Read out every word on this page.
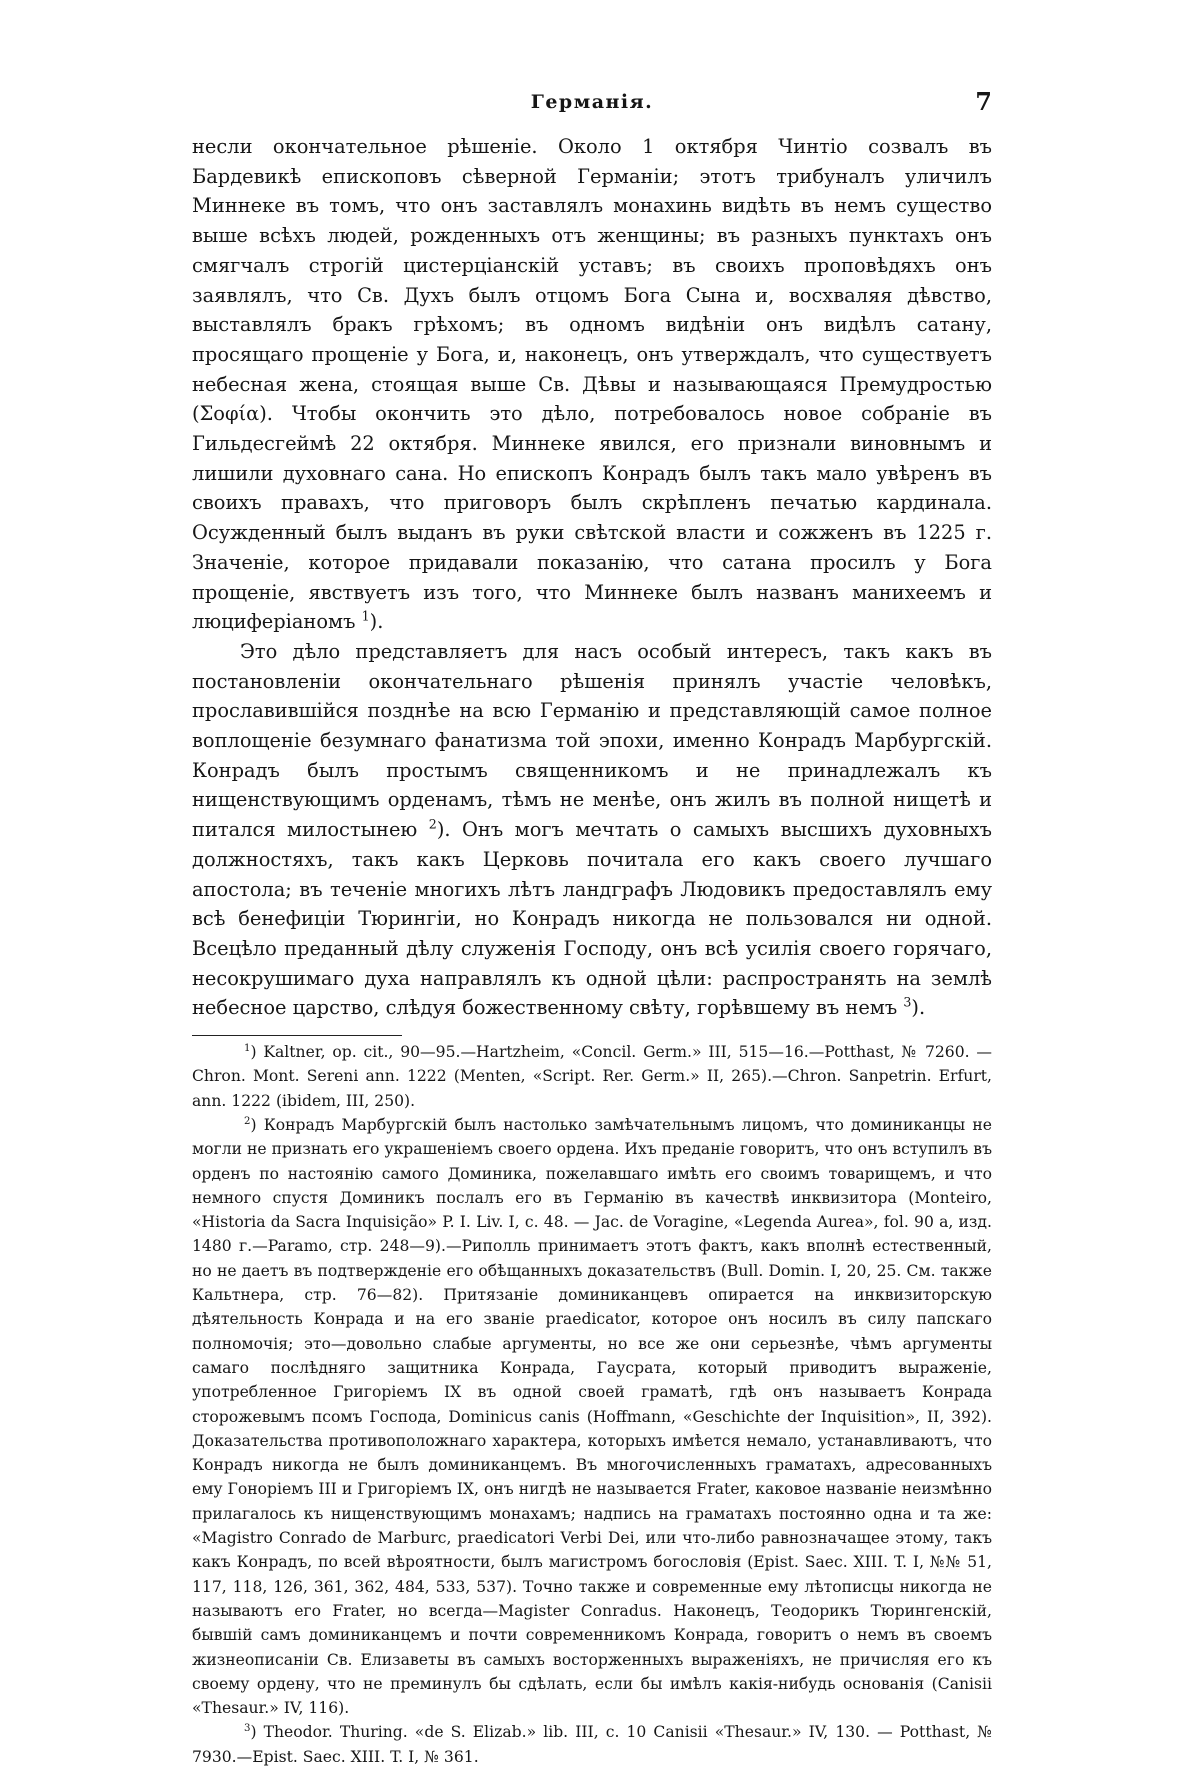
Германія.	7

несли окончательное рѣшеніе. Около 1 октября Чинтіо созвалъ въ Бардевикѣ епископовъ сѣверной Германіи; этотъ трибуналъ уличилъ Миннеке въ томъ, что онъ заставлялъ монахинь видѣть въ немъ существо выше всѣхъ людей, рожденныхъ отъ женщины; въ разныхъ пунктахъ онъ смягчалъ строгій цистерціанскій уставъ; въ своихъ проповѣдяхъ онъ заявлялъ, что Св. Духъ былъ отцомъ Бога Сына и, восхваляя дѣвство, выставлялъ бракъ грѣхомъ; въ одномъ видѣніи онъ видѣлъ сатану, просящаго прощеніе у Бога, и, наконецъ, онъ утверждалъ, что существуетъ небесная жена, стоящая выше Св. Дѣвы и называющаяся Премудростью (Σοφία). Чтобы окончить это дѣло, потребовалось новое собраніе въ Гильдесгеймѣ 22 октября. Миннеке явился, его признали виновнымъ и лишили духовнаго сана. Но епископъ Конрадъ былъ такъ мало увѣренъ въ своихъ правахъ, что приговоръ былъ скрѣпленъ печатью кардинала. Осужденный былъ выданъ въ руки свѣтской власти и сожженъ въ 1225 г. Значеніе, которое придавали показанію, что сатана просилъ у Бога прощеніе, явствуетъ изъ того, что Миннеке былъ названъ манихеемъ и люциферіаномъ $^1$).

Это дѣло представляетъ для насъ особый интересъ, такъ какъ въ постановленіи окончательнаго рѣшенія принялъ участіе человѣкъ, прославившійся позднѣе на всю Германію и представляющій самое полное воплощеніе безумнаго фанатизма той эпохи, именно Конрадъ Марбургскій. Конрадъ былъ простымъ священникомъ и не принадлежалъ къ нищенствующимъ орденамъ, тѣмъ не менѣе, онъ жилъ въ полной нищетѣ и питался милостынею $^2$). Онъ могъ мечтать о самыхъ высшихъ духовныхъ должностяхъ, такъ какъ Церковь почитала его какъ своего лучшаго апостола; въ теченіе многихъ лѣтъ ландграфъ Людовикъ предоставлялъ ему всѣ бенефиціи Тюрингіи, но Конрадъ никогда не пользовался ни одной. Всецѣло преданный дѣлу служенія Господу, онъ всѣ усилія своего горячаго, несокрушимаго духа направлялъ къ одной цѣли: распространять на землѣ небесное царство, слѣдуя божественному свѣту, горѣвшему въ немъ $^3$).

$^1$) Kaltner, op. cit., 90—95.—Hartzheim, «Concil. Germ.» III, 515—16.—Potthast, № 7260. — Chron. Mont. Sereni ann. 1222 (Menten, «Script. Rer. Germ.» II, 265).—Chron. Sanpetrin. Erfurt, ann. 1222 (ibidem, III, 250).

$^2$) Конрадъ Марбургскій былъ настолько замѣчательнымъ лицомъ, что доминиканцы не могли не признать его украшеніемъ своего ордена. Ихъ преданіе говоритъ, что онъ вступилъ въ орденъ по настоянію самого Доминика, пожелавшаго имѣть его своимъ товарищемъ, и что немного спустя Доминикъ послалъ его въ Германію въ качествѣ инквизитора (Monteiro, «Historia da Sacra Inquisição» P. I. Liv. I, c. 48. — Jac. de Voragine, «Legenda Aurea», fol. 90 a, изд. 1480 г.—Paramo, стр. 248—9).—Риполль принимаетъ этотъ фактъ, какъ вполнѣ естественный, но не даетъ въ подтвержденіе его обѣщанныхъ доказательствъ (Bull. Domin. I, 20, 25. См. также Кальтнера, стр. 76—82). Притязаніе доминиканцевъ опирается на инквизиторскую дѣятельность Конрада и на его званіе praedicator, которое онъ носилъ въ силу папскаго полномочія; это—довольно слабые аргументы, но все же они серьезнѣе, чѣмъ аргументы самаго послѣдняго защитника Конрада, Гаусрата, который приводитъ выраженіе, употребленное Григоріемъ IX въ одной своей граматѣ, гдѣ онъ называетъ Конрада сторожевымъ псомъ Господа, Dominicus canis (Hoffmann, «Geschichte der Inquisition», II, 392). Доказательства противоположнаго характера, которыхъ имѣется немало, устанавливаютъ, что Конрадъ никогда не былъ доминиканцемъ. Въ многочисленныхъ граматахъ, адресованныхъ ему Гоноріемъ III и Григоріемъ IX, онъ нигдѣ не называется Frater, каковое названіе неизмѣнно прилагалось къ нищенствующимъ монахамъ; надпись на граматахъ постоянно одна и та же: «Magistro Conrado de Marburc, praedicatori Verbi Dei, или что-либо равнозначащее этому, такъ какъ Конрадъ, по всей вѣроятности, былъ магистромъ богословія (Epist. Saec. XIII. T. I, №№ 51, 117, 118, 126, 361, 362, 484, 533, 537). Точно также и современные ему лѣтописцы никогда не называютъ его Frater, но всегда—Magister Conradus. Наконецъ, Теодорикъ Тюрингенскій, бывшій самъ доминиканцемъ и почти современникомъ Конрада, говоритъ о немъ въ своемъ жизнеописаніи Св. Елизаветы въ самыхъ восторженныхъ выраженіяхъ, не причисляя его къ своему ордену, что не преминулъ бы сдѣлать, если бы имѣлъ какія-нибудь основанія (Canisii «Thesaur.» IV, 116).

$^3$) Theodor. Thuring. «de S. Elizab.» lib. III, c. 10 Canisii «Thesaur.» IV, 130. — Potthast, № 7930.—Epist. Saec. XIII. T. I, № 361.
